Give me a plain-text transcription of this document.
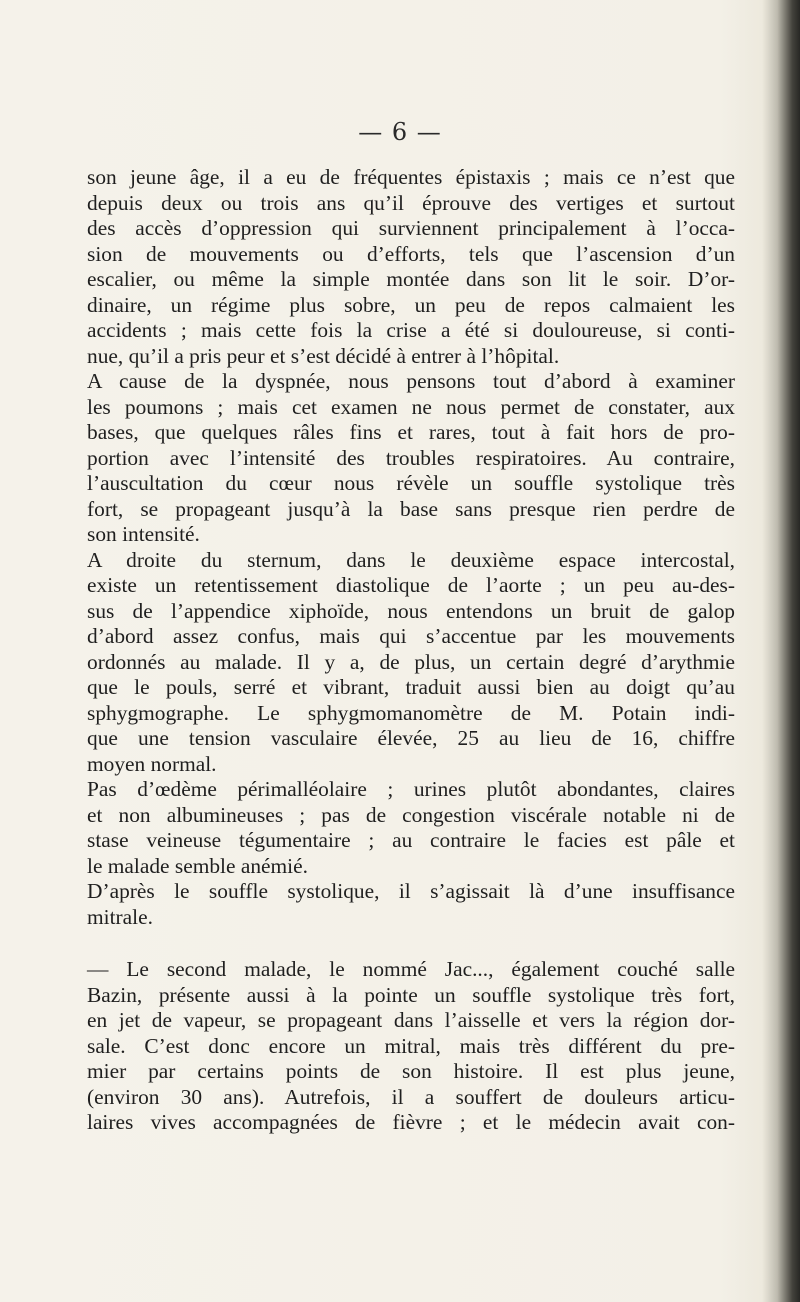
— 6 —
son jeune âge, il a eu de fréquentes épistaxis ; mais ce n’est que
depuis deux ou trois ans qu’il éprouve des vertiges et surtout
des accès d’oppression qui surviennent principalement à l’occa-
sion de mouvements ou d’efforts, tels que l’ascension d’un
escalier, ou même la simple montée dans son lit le soir. D’or-
dinaire, un régime plus sobre, un peu de repos calmaient les
accidents ; mais cette fois la crise a été si douloureuse, si conti-
nue, qu’il a pris peur et s’est décidé à entrer à l’hôpital.
A cause de la dyspnée, nous pensons tout d’abord à examiner
les poumons ; mais cet examen ne nous permet de constater, aux
bases, que quelques râles fins et rares, tout à fait hors de pro-
portion avec l’intensité des troubles respiratoires. Au contraire,
l’auscultation du cœur nous révèle un souffle systolique très
fort, se propageant jusqu’à la base sans presque rien perdre de
son intensité.
A droite du sternum, dans le deuxième espace intercostal,
existe un retentissement diastolique de l’aorte ; un peu au-des-
sus de l’appendice xiphoïde, nous entendons un bruit de galop
d’abord assez confus, mais qui s’accentue par les mouvements
ordonnés au malade. Il y a, de plus, un certain degré d’arythmie
que le pouls, serré et vibrant, traduit aussi bien au doigt qu’au
sphygmographe. Le sphygmomanomètre de M. Potain indi-
que une tension vasculaire élevée, 25 au lieu de 16, chiffre
moyen normal.
Pas d’œdème périmalléolaire ; urines plutôt abondantes, claires
et non albumineuses ; pas de congestion viscérale notable ni de
stase veineuse tégumentaire ; au contraire le facies est pâle et
le malade semble anémié.
D’après le souffle systolique, il s’agissait là d’une insuffisance
mitrale.
— Le second malade, le nommé Jac..., également couché salle
Bazin, présente aussi à la pointe un souffle systolique très fort,
en jet de vapeur, se propageant dans l’aisselle et vers la région dor-
sale. C’est donc encore un mitral, mais très différent du pre-
mier par certains points de son histoire. Il est plus jeune,
(environ 30 ans). Autrefois, il a souffert de douleurs articu-
laires vives accompagnées de fièvre ; et le médecin avait con-
